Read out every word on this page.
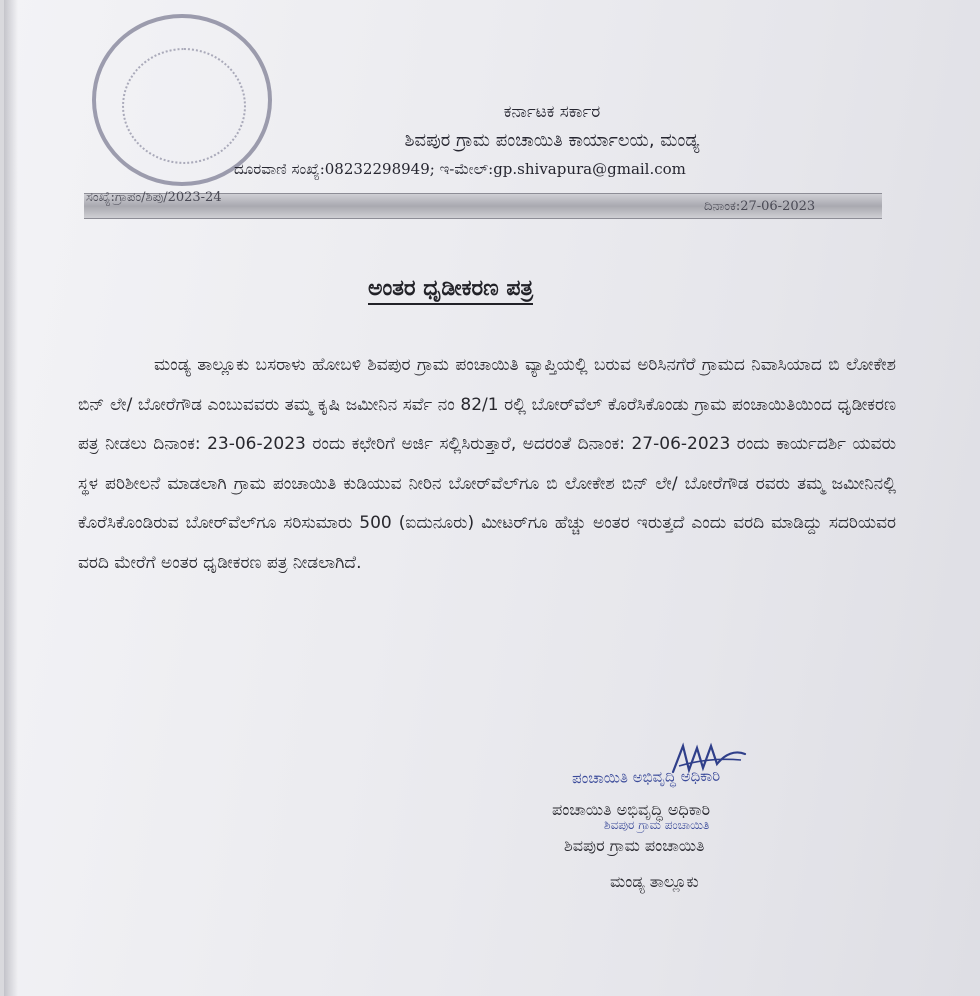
ಕರ್ನಾಟಕ ಸರ್ಕಾರ
ಶಿವಪುರ ಗ್ರಾಮ ಪಂಚಾಯಿತಿ ಕಾರ್ಯಾಲಯ, ಮಂಡ್ಯ
ದೂರವಾಣಿ ಸಂಖ್ಯೆ:08232298949; ಇ-ಮೇಲ್:gp.shivapura@gmail.com
ಸಂಖ್ಯೆ:ಗ್ರಾಪಂ/ಶಿಪು/2023-24
ದಿನಾಂಕ:27-06-2023
ಅಂತರ ಧೃಡೀಕರಣ ಪತ್ರ
ಮಂಡ್ಯ ತಾಲ್ಲೂಕು ಬಸರಾಳು ಹೋಬಳಿ ಶಿವಪುರ ಗ್ರಾಮ ಪಂಚಾಯಿತಿ ವ್ಯಾಪ್ತಿಯಲ್ಲಿ ಬರುವ ಅರಿಸಿನಗೆರೆ ಗ್ರಾಮದ ನಿವಾಸಿಯಾದ ಬಿ ಲೋಕೇಶ ಬಿನ್ ಲೇ/ ಬೋರೆಗೌಡ ಎಂಬುವವರು ತಮ್ಮ ಕೃಷಿ ಜಮೀನಿನ ಸರ್ವೆ ನಂ 82/1 ರಲ್ಲಿ ಬೋರ್‌ವೆಲ್ ಕೊರೆಸಿಕೊಂಡು ಗ್ರಾಮ ಪಂಚಾಯಿತಿಯಿಂದ ಧೃಡೀಕರಣ ಪತ್ರ ನೀಡಲು ದಿನಾಂಕ: 23-06-2023 ರಂದು ಕಛೇರಿಗೆ ಅರ್ಜಿ ಸಲ್ಲಿಸಿರುತ್ತಾರೆ, ಅದರಂತೆ ದಿನಾಂಕ: 27-06-2023 ರಂದು ಕಾರ್ಯದರ್ಶಿ ಯವರು ಸ್ಥಳ ಪರಿಶೀಲನೆ ಮಾಡಲಾಗಿ ಗ್ರಾಮ ಪಂಚಾಯಿತಿ ಕುಡಿಯುವ ನೀರಿನ ಬೋರ್‌ವೆಲ್‌ಗೂ ಬಿ ಲೋಕೇಶ ಬಿನ್ ಲೇ/ ಬೋರೆಗೌಡ ರವರು ತಮ್ಮ ಜಮೀನಿನಲ್ಲಿ ಕೊರೆಸಿಕೊಂಡಿರುವ ಬೋರ್‌ವೆಲ್‌ಗೂ ಸರಿಸುಮಾರು 500 (ಐದುನೂರು) ಮೀಟರ್‌ಗೂ ಹೆಚ್ಚು ಅಂತರ ಇರುತ್ತದೆ ಎಂದು ವರದಿ ಮಾಡಿದ್ದು ಸದರಿಯವರ ವರದಿ ಮೇರೆಗೆ ಅಂತರ ಧೃಡೀಕರಣ ಪತ್ರ ನೀಡಲಾಗಿದೆ.
ಪಂಚಾಯಿತಿ ಅಭಿವೃದ್ಧಿ ಅಧಿಕಾರಿ
ಶಿವಪುರ ಗ್ರಾಮ ಪಂಚಾಯಿತಿ
ಪಂಚಾಯಿತಿ ಅಭಿವೃದ್ಧಿ ಅಧಿಕಾರಿ
ಶಿವಪುರ ಗ್ರಾಮ ಪಂಚಾಯಿತಿ
ಮಂಡ್ಯ ತಾಲ್ಲೂಕು
